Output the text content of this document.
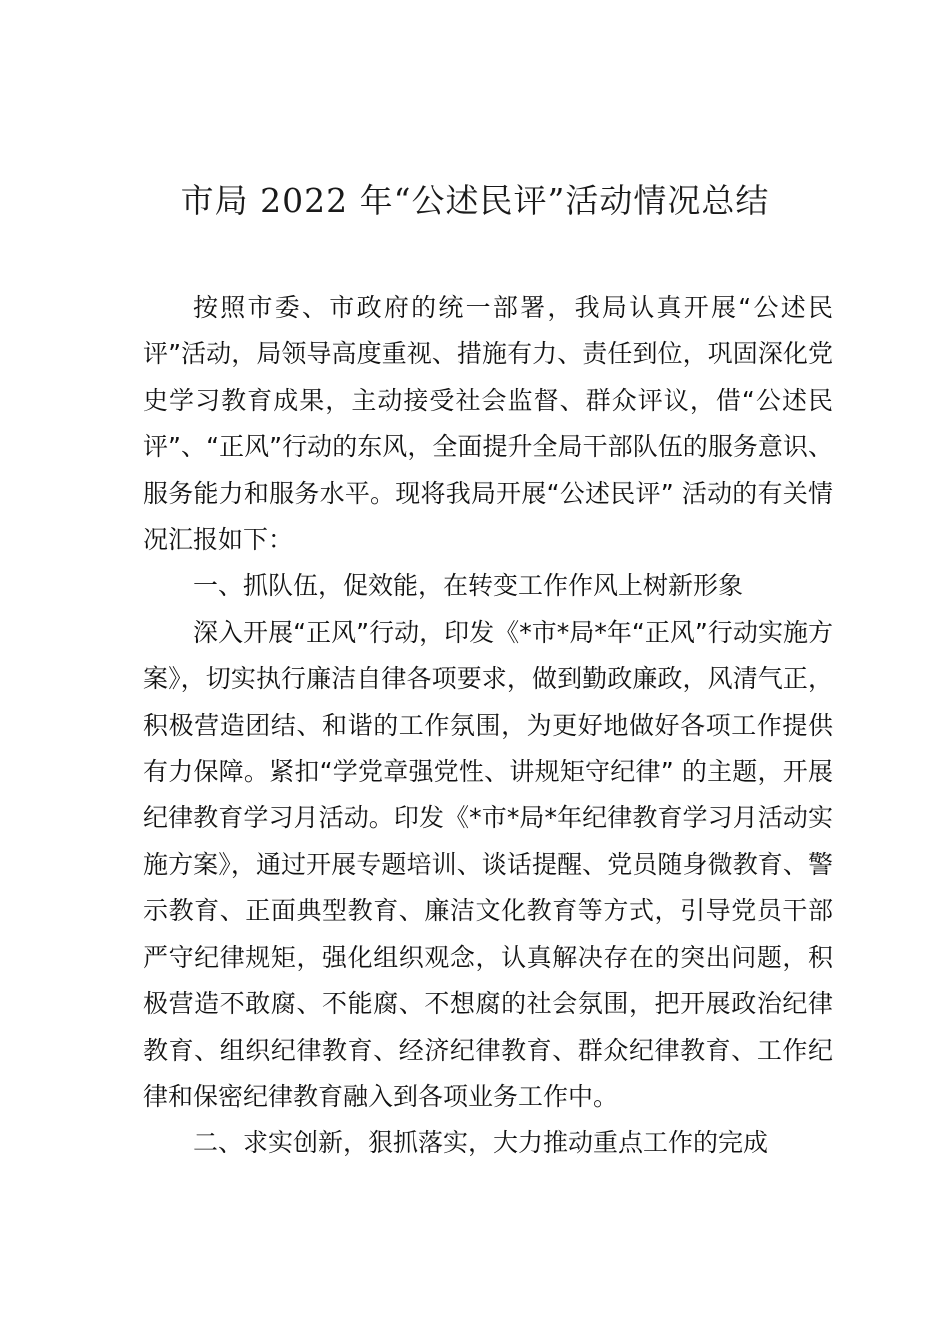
市局 2022 年“公述民评”活动情况总结

按照市委、市政府的统一部署，我局认真开展“公述民评”活动，局领导高度重视、措施有力、责任到位，巩固深化党史学习教育成果，主动接受社会监督、群众评议，借“公述民评”、“正风”行动的东风，全面提升全局干部队伍的服务意识、服务能力和服务水平。现将我局开展“公述民评” 活动的有关情况汇报如下：

一、抓队伍，促效能，在转变工作作风上树新形象

深入开展“正风”行动，印发《*市*局*年“正风”行动实施方案》，切实执行廉洁自律各项要求，做到勤政廉政，风清气正，积极营造团结、和谐的工作氛围，为更好地做好各项工作提供有力保障。紧扣“学党章强党性、讲规矩守纪律” 的主题，开展纪律教育学习月活动。印发《*市*局*年纪律教育学习月活动实施方案》，通过开展专题培训、谈话提醒、党员随身微教育、警示教育、正面典型教育、廉洁文化教育等方式，引导党员干部严守纪律规矩，强化组织观念，认真解决存在的突出问题，积极营造不敢腐、不能腐、不想腐的社会氛围，把开展政治纪律教育、组织纪律教育、经济纪律教育、群众纪律教育、工作纪律和保密纪律教育融入到各项业务工作中。

二、求实创新，狠抓落实，大力推动重点工作的完成
